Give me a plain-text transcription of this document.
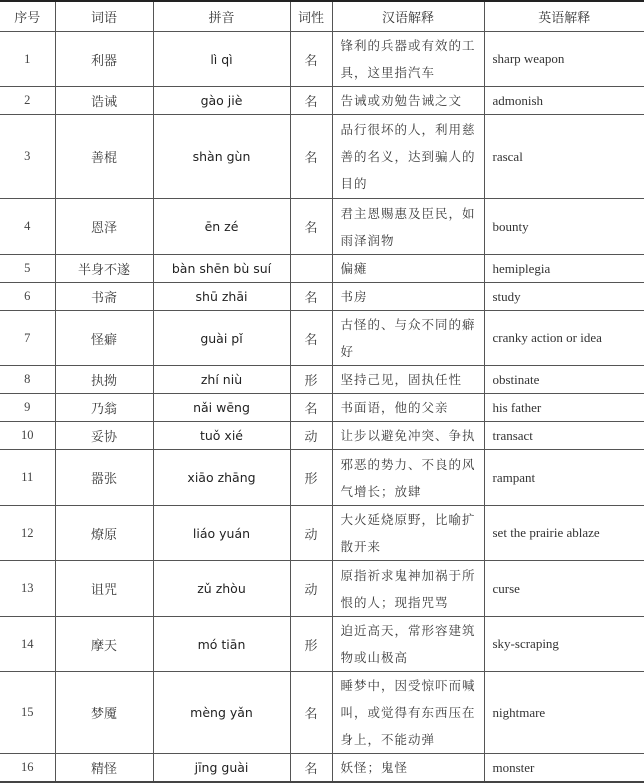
序号	词语	拼音	词性	汉语解释	英语解释
1	利器	lì qì	名	锋利的兵器或有效的工具，这里指汽车	sharp weapon
2	诰诫	gào jiè	名	告诫或劝勉告诫之文	admonish
3	善棍	shàn gùn	名	品行很坏的人，利用慈善的名义，达到骗人的目的	rascal
4	恩泽	ēn zé	名	君主恩赐惠及臣民，如雨泽润物	bounty
5	半身不遂	bàn shēn bù suí		偏瘫	hemiplegia
6	书斋	shū zhāi	名	书房	study
7	怪癖	guài pǐ	名	古怪的、与众不同的癖好	cranky action or idea
8	执拗	zhí niù	形	坚持己见，固执任性	obstinate
9	乃翁	nǎi wēng	名	书面语，他的父亲	his father
10	妥协	tuǒ xié	动	让步以避免冲突、争执	transact
11	嚣张	xiāo zhāng	形	邪恶的势力、不良的风气增长；放肆	rampant
12	燎原	liáo yuán	动	大火延烧原野，比喻扩散开来	set the prairie ablaze
13	诅咒	zǔ zhòu	动	原指祈求鬼神加祸于所恨的人；现指咒骂	curse
14	摩天	mó tiān	形	迫近高天，常形容建筑物或山极高	sky-scraping
15	梦魇	mèng yǎn	名	睡梦中，因受惊吓而喊叫，或觉得有东西压在身上，不能动弹	nightmare
16	精怪	jīng guài	名	妖怪；鬼怪	monster
